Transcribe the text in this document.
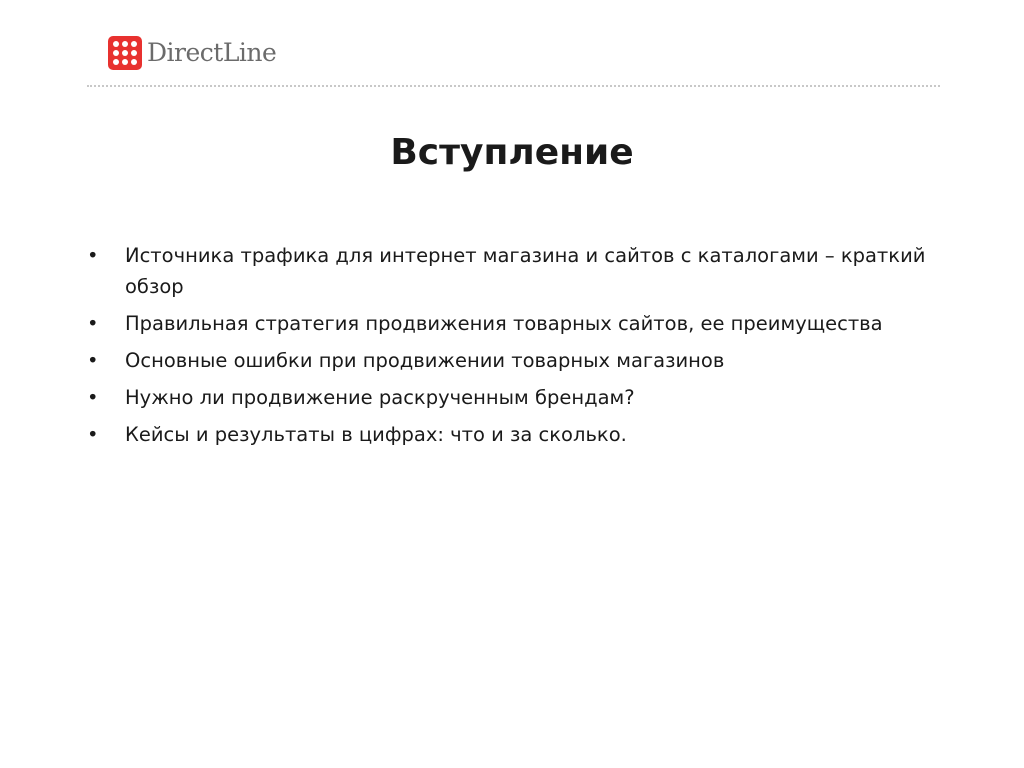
DirectLine
Вступление
•	Источника трафика для интернет магазина и сайтов с каталогами – краткий обзор
•	Правильная стратегия продвижения товарных сайтов, ее преимущества
•	Основные ошибки при продвижении товарных магазинов
•	Нужно ли продвижение раскрученным брендам?
•	Кейсы и результаты в цифрах: что и за сколько.
